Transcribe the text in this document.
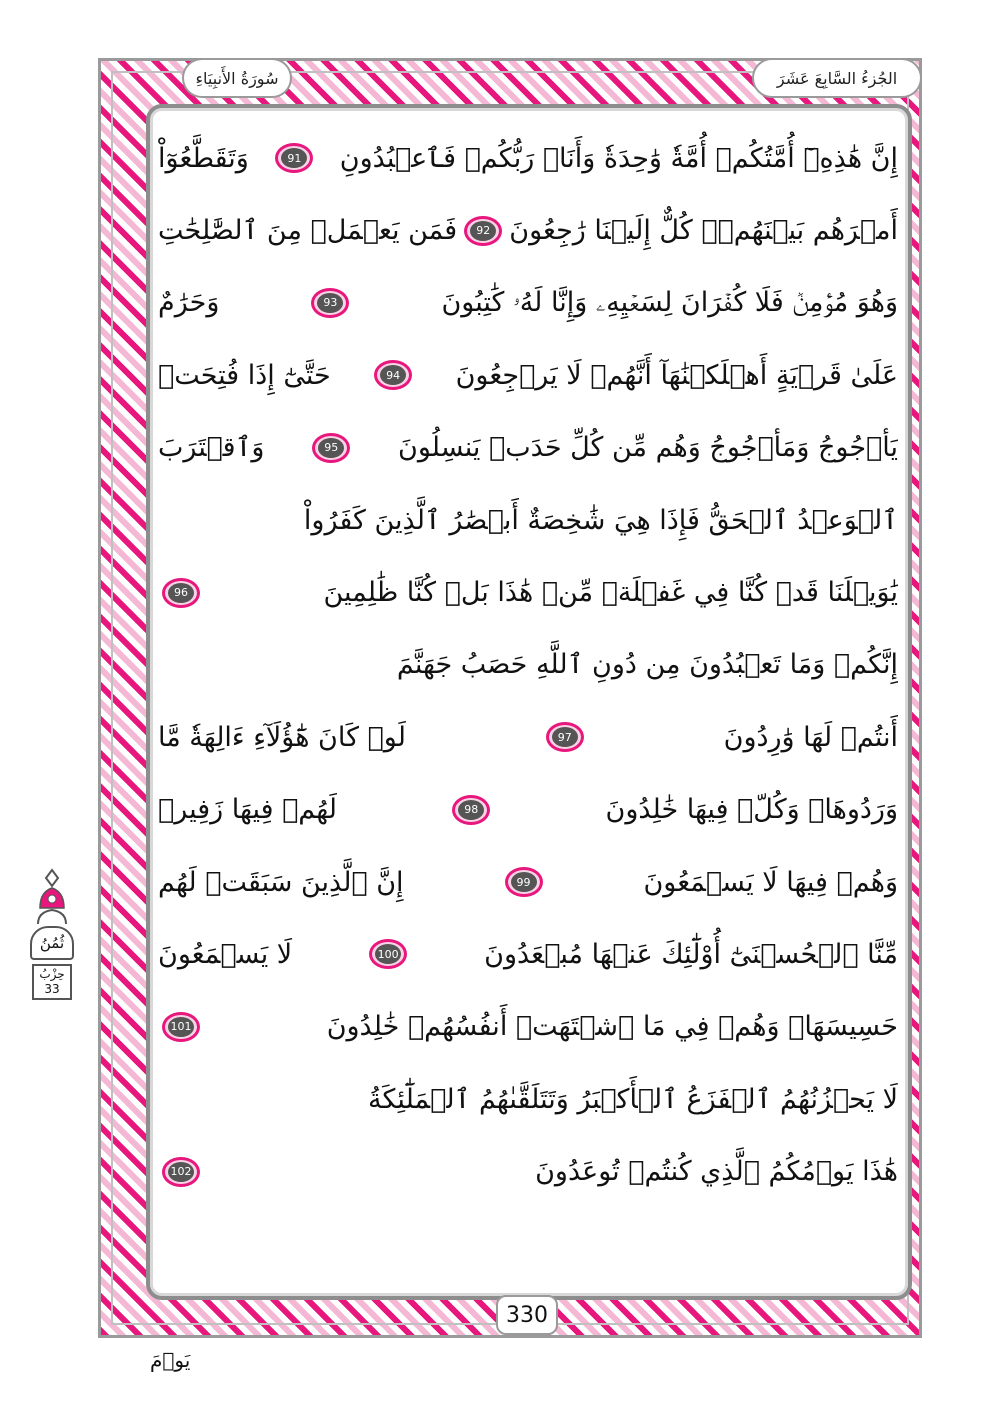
الجُزءُ السَّابِعَ عَشَرَ
سُورَةُ الأَنبِيَاءِ
إِنَّ هَٰذِهِۦٓ أُمَّتُكُمۡ أُمَّةٗ وَٰحِدَةٗ وَأَنَا۠ رَبُّكُمۡ فَٱعۡبُدُونِ
91
وَتَقَطَّعُوٓاْ
أَمۡرَهُم بَيۡنَهُمۡۖ كُلٌّ إِلَيۡنَا رَٰجِعُونَ
92
فَمَن يَعۡمَلۡ مِنَ ٱلصَّٰلِحَٰتِ
وَهُوَ مُؤۡمِنٞ فَلَا كُفۡرَانَ لِسَعۡيِهِۦ وَإِنَّا لَهُۥ كَٰتِبُونَ
93
وَحَرَٰمٌ
عَلَىٰ قَرۡيَةٍ أَهۡلَكۡنَٰهَآ أَنَّهُمۡ لَا يَرۡجِعُونَ
94
حَتَّىٰٓ إِذَا فُتِحَتۡ
يَأۡجُوجُ وَمَأۡجُوجُ وَهُم مِّن كُلِّ حَدَبٖ يَنسِلُونَ
95
وَٱقۡتَرَبَ
ٱلۡوَعۡدُ ٱلۡحَقُّ فَإِذَا هِيَ شَٰخِصَةٌ أَبۡصَٰرُ ٱلَّذِينَ كَفَرُواْ
يَٰوَيۡلَنَا قَدۡ كُنَّا فِي غَفۡلَةٖ مِّنۡ هَٰذَا بَلۡ كُنَّا ظَٰلِمِينَ
96
إِنَّكُمۡ وَمَا تَعۡبُدُونَ مِن دُونِ ٱللَّهِ حَصَبُ جَهَنَّمَ
أَنتُمۡ لَهَا وَٰرِدُونَ
97
لَوۡ كَانَ هَٰٓؤُلَآءِ ءَالِهَةٗ مَّا
وَرَدُوهَاۖ وَكُلّٞ فِيهَا خَٰلِدُونَ
98
لَهُمۡ فِيهَا زَفِيرٞ
وَهُمۡ فِيهَا لَا يَسۡمَعُونَ
99
إِنَّ ٱلَّذِينَ سَبَقَتۡ لَهُم
مِّنَّا ٱلۡحُسۡنَىٰٓ أُوْلَٰٓئِكَ عَنۡهَا مُبۡعَدُونَ
100
لَا يَسۡمَعُونَ
حَسِيسَهَاۖ وَهُمۡ فِي مَا ٱشۡتَهَتۡ أَنفُسُهُمۡ خَٰلِدُونَ
101
لَا يَحۡزُنُهُمُ ٱلۡفَزَعُ ٱلۡأَكۡبَرُ وَتَتَلَقَّىٰهُمُ ٱلۡمَلَٰٓئِكَةُ
هَٰذَا يَوۡمُكُمُ ٱلَّذِي كُنتُمۡ تُوعَدُونَ
102
330
ثُمُنُ
حِزْبُ
33
يَوۡمَ
